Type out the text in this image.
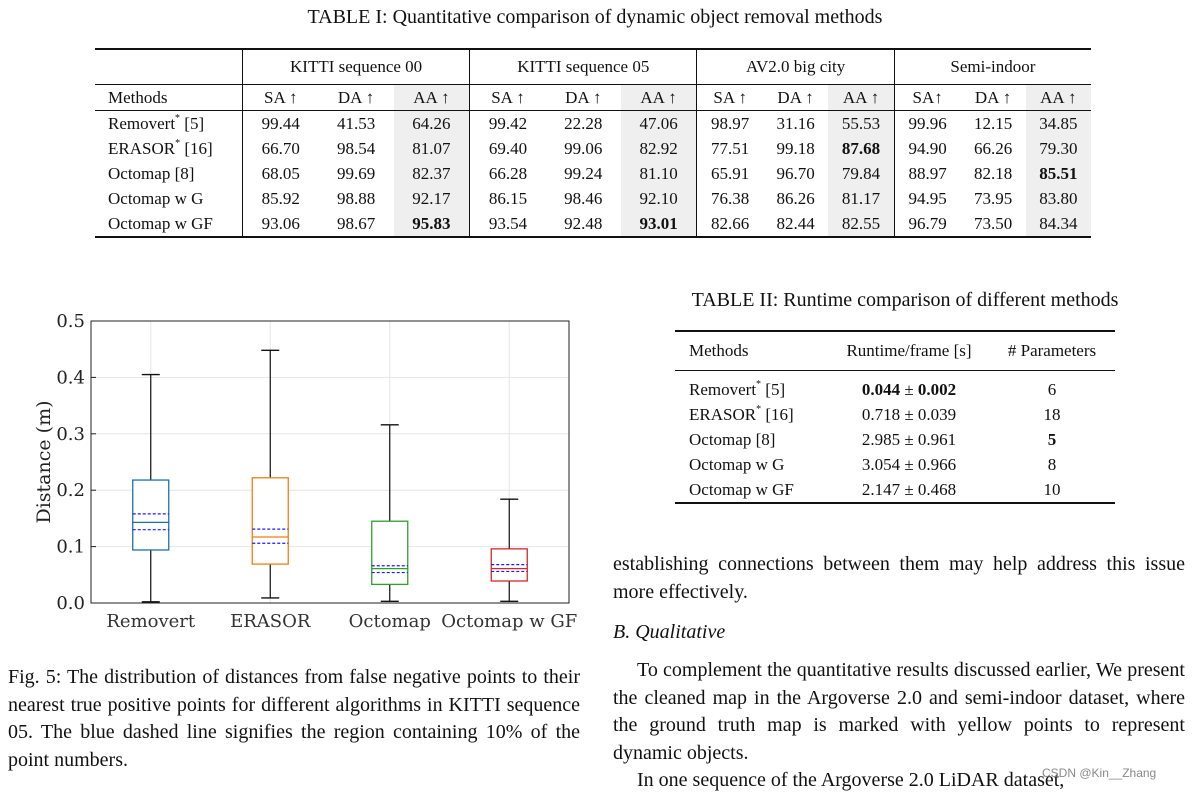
TABLE I: Quantitative comparison of dynamic object removal methods
	KITTI sequence 00			KITTI sequence 05			AV2.0 big city			Semi-indoor		
Methods	SA ↑	DA ↑	AA ↑	SA ↑	DA ↑	AA ↑	SA ↑	DA ↑	AA ↑	SA↑	DA ↑	AA ↑
Removert* [5]	99.44	41.53	64.26	99.42	22.28	47.06	98.97	31.16	55.53	99.96	12.15	34.85
ERASOR* [16]	66.70	98.54	81.07	69.40	99.06	82.92	77.51	99.18	87.68	94.90	66.26	79.30
Octomap [8]	68.05	99.69	82.37	66.28	99.24	81.10	65.91	96.70	79.84	88.97	82.18	85.51
Octomap w G	85.92	98.88	92.17	86.15	98.46	92.10	76.38	86.26	81.17	94.95	73.95	83.80
Octomap w GF	93.06	98.67	95.83	93.54	92.48	93.01	82.66	82.44	82.55	96.79	73.50	84.34
0.0
0.1
0.2
0.3
0.4
0.5
Distance (m)
Removert ERASOR Octomap Octomap w GF
TABLE II: Runtime comparison of different methods
Methods	Runtime/frame [s]	# Parameters

Removert* [5]	0.044 ± 0.002	6
ERASOR* [16]	0.718 ± 0.039	18
Octomap [8]	2.985 ± 0.961	5
Octomap w G	3.054 ± 0.966	8
Octomap w GF	2.147 ± 0.468	10
Fig. 5: The distribution of distances from false negative points to their nearest true positive points for different algorithms in KITTI sequence 05. The blue dashed line signifies the region containing 10% of the point numbers.
establishing connections between them may help address this issue more effectively.
B. Qualitative
To complement the quantitative results discussed earlier, We present the cleaned map in the Argoverse 2.0 and semi-indoor dataset, where the ground truth map is marked with yellow points to represent dynamic objects.
In one sequence of the Argoverse 2.0 LiDAR dataset,
CSDN @Kin__Zhang
